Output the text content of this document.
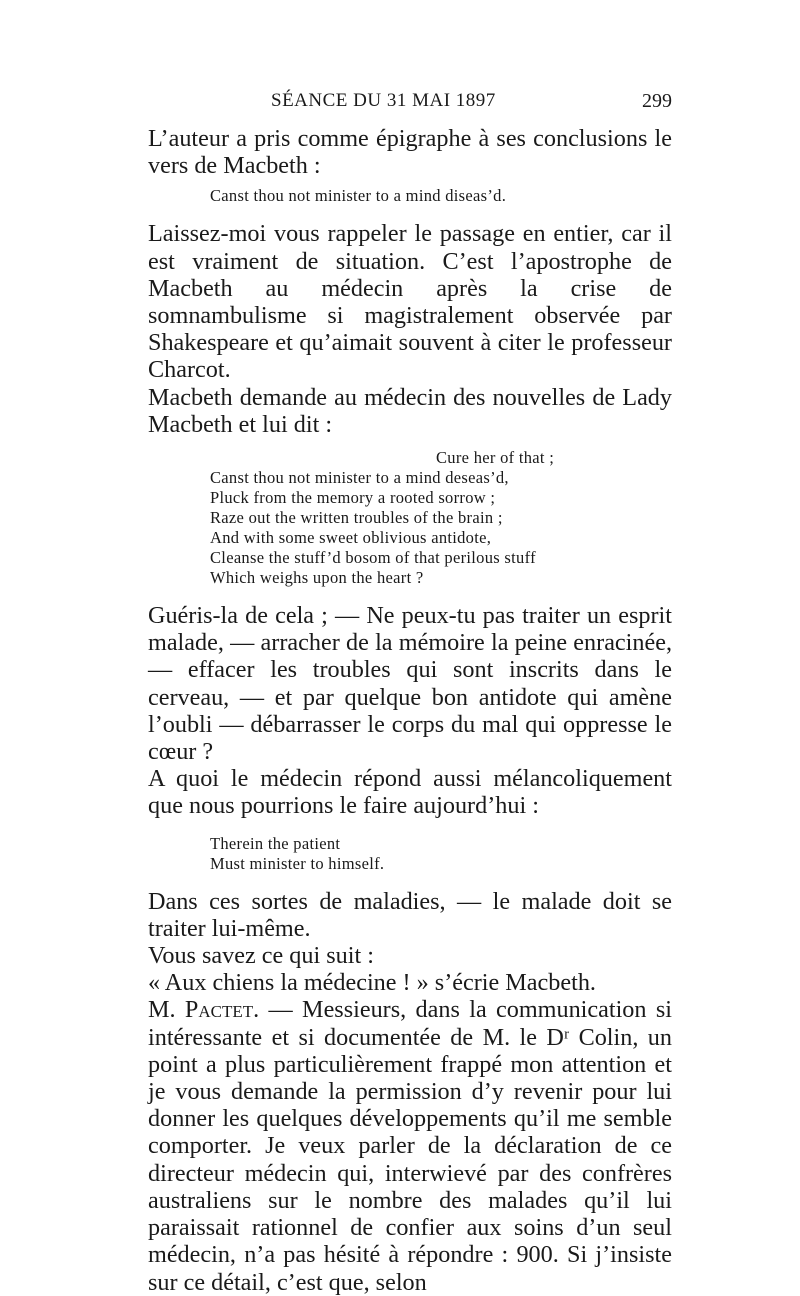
SÉANCE DU 31 MAI 1897	299

L’auteur a pris comme épigraphe à ses conclusions le vers de Macbeth :

Canst thou not minister to a mind diseas’d.

Laissez-moi vous rappeler le passage en entier, car il est vraiment de situation. C’est l’apostrophe de Macbeth au médecin après la crise de somnambulisme si magistralement observée par Shakespeare et qu’aimait souvent à citer le professeur Charcot.

Macbeth demande au médecin des nouvelles de Lady Macbeth et lui dit :

Cure her of that ;
Canst thou not minister to a mind deseas’d,
Pluck from the memory a rooted sorrow ;
Raze out the written troubles of the brain ;
And with some sweet oblivious antidote,
Cleanse the stuff’d bosom of that perilous stuff
Which weighs upon the heart ?

Guéris-la de cela ; — Ne peux-tu pas traiter un esprit malade, — arracher de la mémoire la peine enracinée, — effacer les troubles qui sont inscrits dans le cerveau, — et par quelque bon antidote qui amène l’oubli — débarrasser le corps du mal qui oppresse le cœur ?

A quoi le médecin répond aussi mélancoliquement que nous pourrions le faire aujourd’hui :

Therein the patient
Must minister to himself.

Dans ces sortes de maladies, — le malade doit se traiter lui-même.

Vous savez ce qui suit :

« Aux chiens la médecine ! » s’écrie Macbeth.

M. Pactet. — Messieurs, dans la communication si intéressante et si documentée de M. le Dʳ Colin, un point a plus particulièrement frappé mon attention et je vous demande la permission d’y revenir pour lui donner les quelques développements qu’il me semble comporter. Je veux parler de la déclaration de ce directeur médecin qui, interwievé par des confrères australiens sur le nombre des malades qu’il lui paraissait rationnel de confier aux soins d’un seul médecin, n’a pas hésité à répondre : 900. Si j’insiste sur ce détail, c’est que, selon
